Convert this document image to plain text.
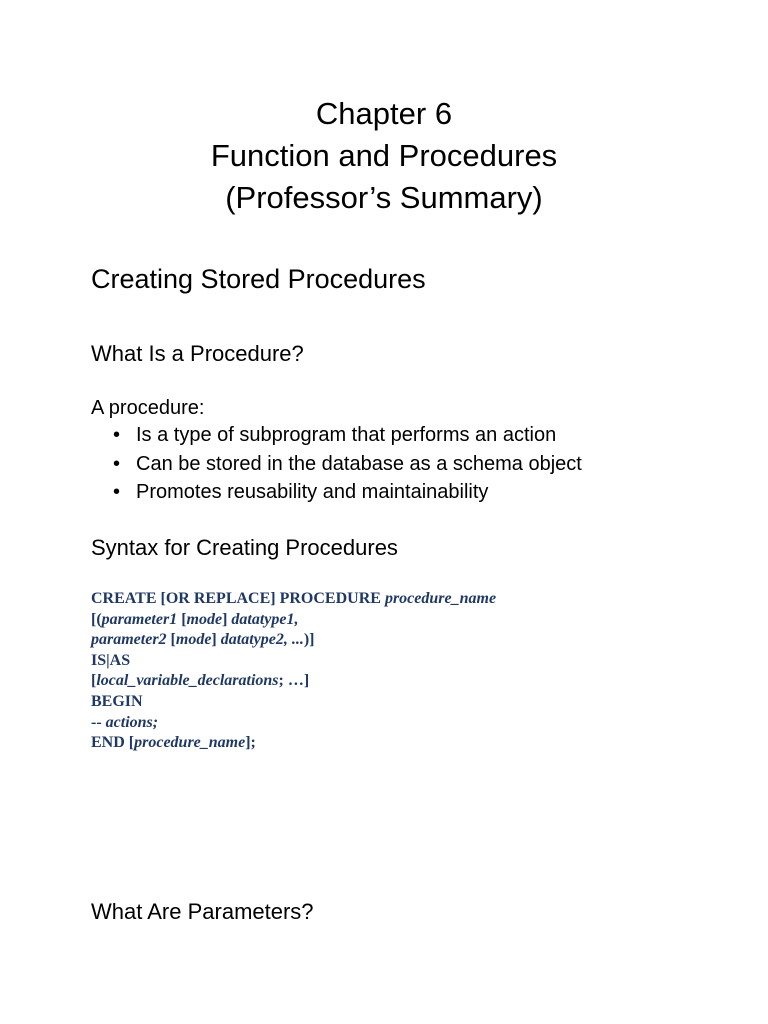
Chapter 6
Function and Procedures
(Professor’s Summary)
Creating Stored Procedures
What Is a Procedure?
A procedure:
• Is a type of subprogram that performs an action
• Can be stored in the database as a schema object
• Promotes reusability and maintainability
Syntax for Creating Procedures
CREATE [OR REPLACE] PROCEDURE procedure_name
[(parameter1 [mode] datatype1,
parameter2 [mode] datatype2, ...)]
IS|AS
[local_variable_declarations; …]
BEGIN
-- actions;
END [procedure_name];
What Are Parameters?
